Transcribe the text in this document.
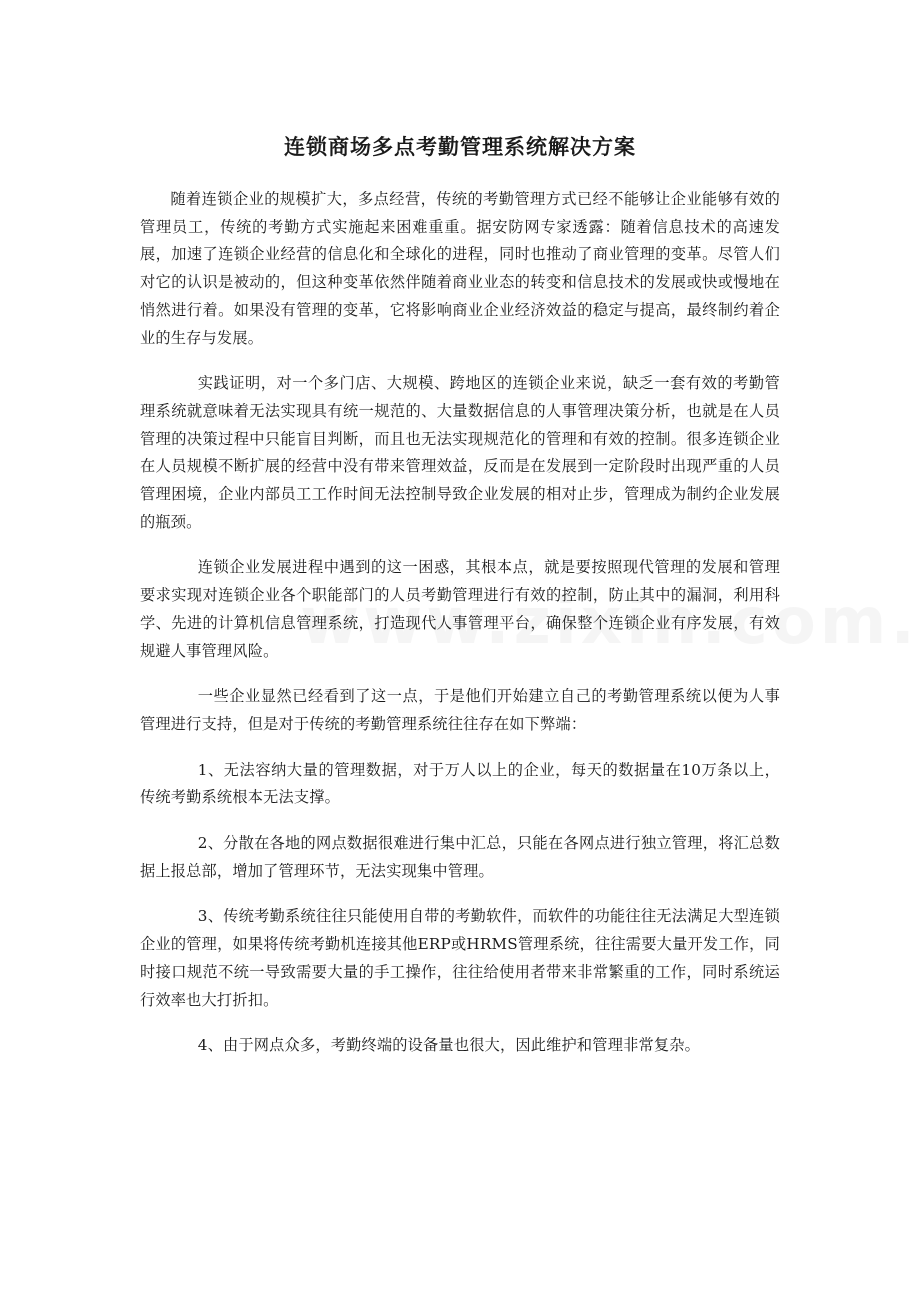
连锁商场多点考勤管理系统解决方案

随着连锁企业的规模扩大，多点经营，传统的考勤管理方式已经不能够让企业能够有效的管理员工，传统的考勤方式实施起来困难重重。据安防网专家透露：随着信息技术的高速发展，加速了连锁企业经营的信息化和全球化的进程，同时也推动了商业管理的变革。尽管人们对它的认识是被动的，但这种变革依然伴随着商业业态的转变和信息技术的发展或快或慢地在悄然进行着。如果没有管理的变革，它将影响商业企业经济效益的稳定与提高，最终制约着企业的生存与发展。

实践证明，对一个多门店、大规模、跨地区的连锁企业来说，缺乏一套有效的考勤管理系统就意味着无法实现具有统一规范的、大量数据信息的人事管理决策分析，也就是在人员管理的决策过程中只能盲目判断，而且也无法实现规范化的管理和有效的控制。很多连锁企业在人员规模不断扩展的经营中没有带来管理效益，反而是在发展到一定阶段时出现严重的人员管理困境，企业内部员工工作时间无法控制导致企业发展的相对止步，管理成为制约企业发展的瓶颈。

连锁企业发展进程中遇到的这一困惑，其根本点，就是要按照现代管理的发展和管理要求实现对连锁企业各个职能部门的人员考勤管理进行有效的控制，防止其中的漏洞，利用科学、先进的计算机信息管理系统，打造现代人事管理平台，确保整个连锁企业有序发展，有效规避人事管理风险。

一些企业显然已经看到了这一点，于是他们开始建立自己的考勤管理系统以便为人事管理进行支持，但是对于传统的考勤管理系统往往存在如下弊端：

1、无法容纳大量的管理数据，对于万人以上的企业，每天的数据量在10万条以上，传统考勤系统根本无法支撑。

2、分散在各地的网点数据很难进行集中汇总，只能在各网点进行独立管理，将汇总数据上报总部，增加了管理环节，无法实现集中管理。

3、传统考勤系统往往只能使用自带的考勤软件，而软件的功能往往无法满足大型连锁企业的管理，如果将传统考勤机连接其他ERP或HRMS管理系统，往往需要大量开发工作，同时接口规范不统一导致需要大量的手工操作，往往给使用者带来非常繁重的工作，同时系统运行效率也大打折扣。

4、由于网点众多，考勤终端的设备量也很大，因此维护和管理非常复杂。
